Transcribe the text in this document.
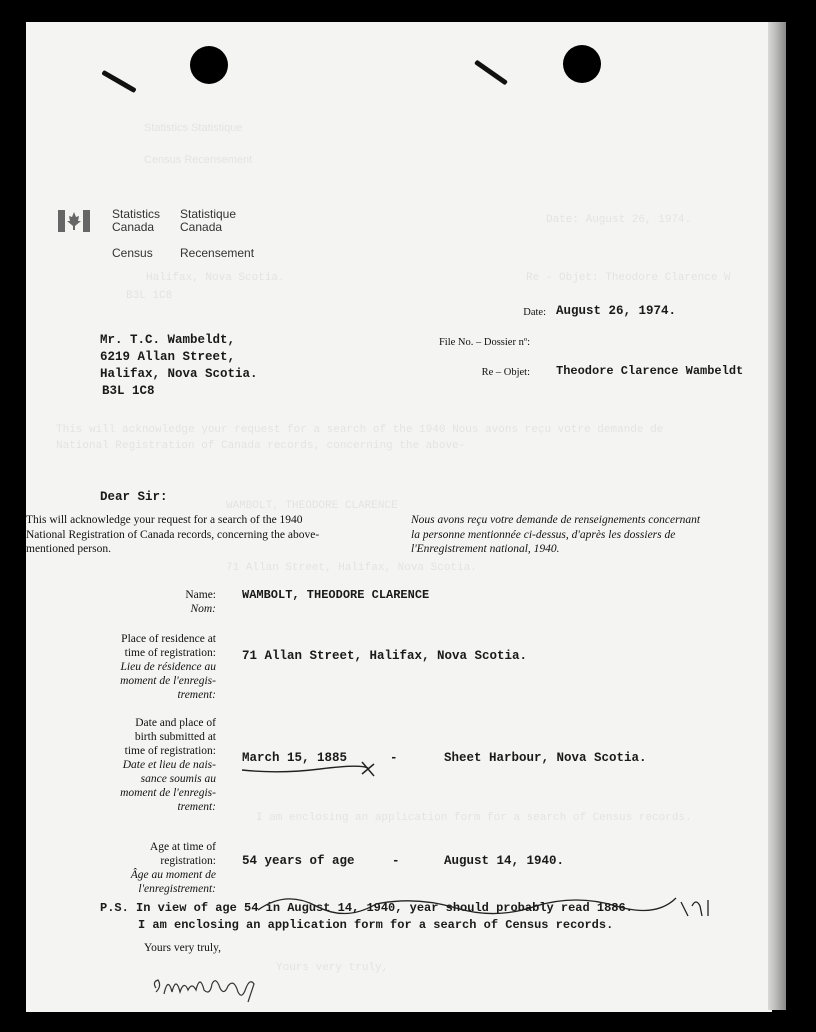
Statistics Statistique
Census Recensement
Date: August 26, 1974.
Halifax, Nova Scotia.
B3L 1C8
Re - Objet: Theodore Clarence W
This will acknowledge your request for a search of the 1940 Nous avons reçu votre demande de
National Registration of Canada records, concerning the above-
WAMBOLT, THEODORE CLARENCE
71 Allan Street, Halifax, Nova Scotia.
I am enclosing an application form for a search of Census records.
Yours very truly,
Statistics
Canada
Statistique
Canada
Census Recensement
Date: August 26, 1974.
File No. – Dossier nº:
Re – Objet: Theodore Clarence Wambeldt
Mr. T.C. Wambeldt,
6219 Allan Street,
Halifax, Nova Scotia.
B3L 1C8
Dear Sir:
This will acknowledge your request for a search of the 1940
National Registration of Canada records, concerning the above-
mentioned person.
Nous avons reçu votre demande de renseignements concernant
la personne mentionnée ci-dessus, d'après les dossiers de
l'Enregistrement national, 1940.
Name:
Nom:
WAMBOLT, THEODORE CLARENCE
Place of residence at
time of registration:
Lieu de résidence au
moment de l'enregis-
trement:
71 Allan Street, Halifax, Nova Scotia.
Date and place of
birth submitted at
time of registration:
Date et lieu de nais-
sance soumis au
moment de l'enregis-
trement:
March 15, 1885	-	Sheet Harbour, Nova Scotia.
Age at time of
registration:
Âge au moment de
l'enregistrement:
54 years of age	-	August 14, 1940.
P.S. In view of age 54 in August 14, 1940, year should probably read 1886.
I am enclosing an application form for a search of Census records.
Yours very truly,
